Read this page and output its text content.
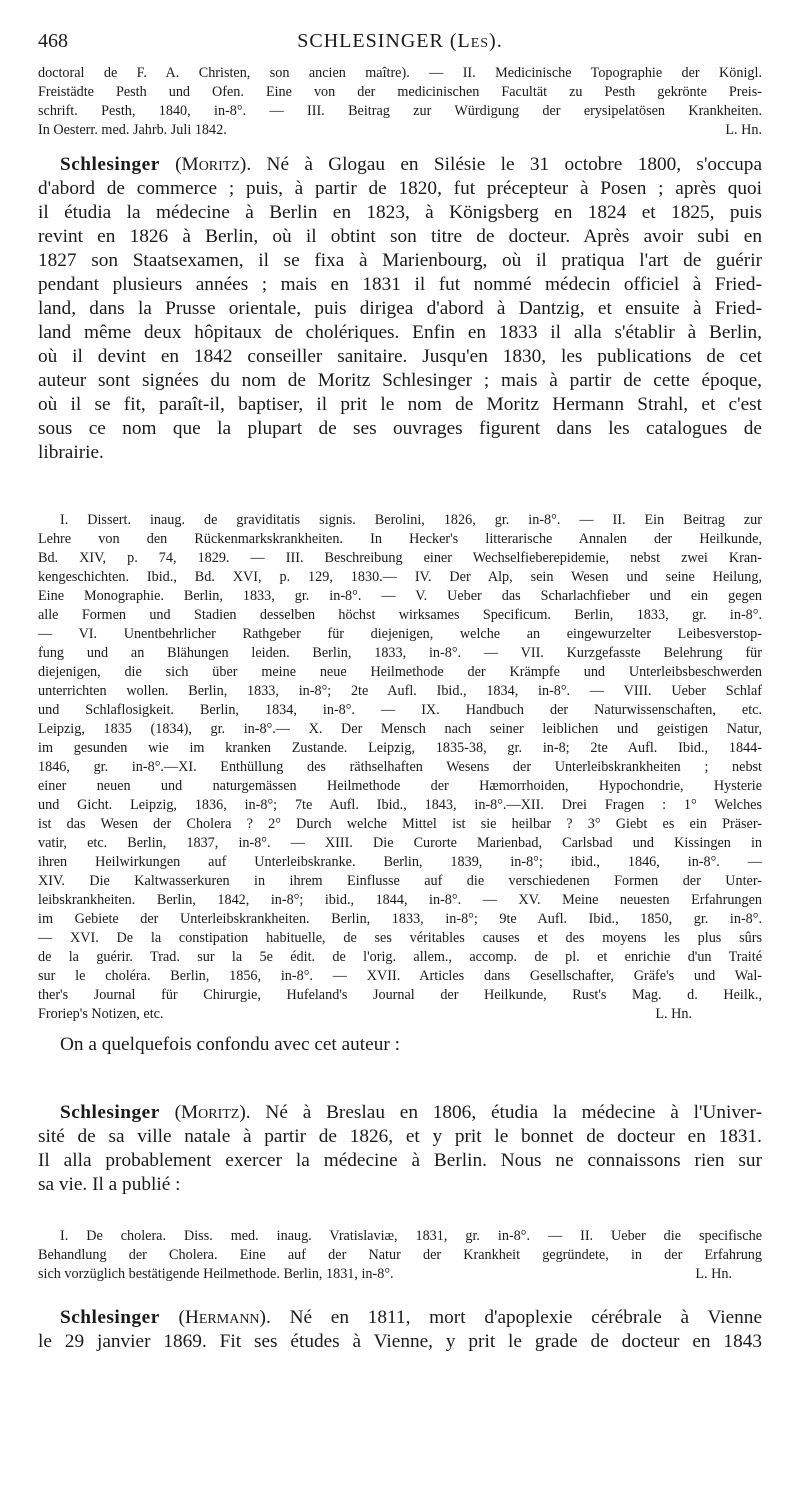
468	SCHLESINGER (Les).
doctoral de F. A. Christen, son ancien maître). — II. Medicinische Topographie der Königl.
Freistädte Pesth und Ofen. Eine von der medicinischen Facultät zu Pesth gekrönte Preis-
schrift. Pesth, 1840, in-8°. — III. Beitrag zur Würdigung der erysipelatösen Krankheiten.
In Oesterr. med. Jahrb. Juli 1842.	L. Hn.
Schlesinger (Moritz). Né à Glogau en Silésie le 31 octobre 1800, s'occupa
d'abord de commerce ; puis, à partir de 1820, fut précepteur à Posen ; après quoi
il étudia la médecine à Berlin en 1823, à Königsberg en 1824 et 1825, puis
revint en 1826 à Berlin, où il obtint son titre de docteur. Après avoir subi en
1827 son Staatsexamen, il se fixa à Marienbourg, où il pratiqua l'art de guérir
pendant plusieurs années ; mais en 1831 il fut nommé médecin officiel à Fried-
land, dans la Prusse orientale, puis dirigea d'abord à Dantzig, et ensuite à Fried-
land même deux hôpitaux de cholériques. Enfin en 1833 il alla s'établir à Berlin,
où il devint en 1842 conseiller sanitaire. Jusqu'en 1830, les publications de cet
auteur sont signées du nom de Moritz Schlesinger ; mais à partir de cette époque,
où il se fit, paraît-il, baptiser, il prit le nom de Moritz Hermann Strahl, et c'est
sous ce nom que la plupart de ses ouvrages figurent dans les catalogues de
librairie.
I. Dissert. inaug. de graviditatis signis. Berolini, 1826, gr. in-8°. — II. Ein Beitrag zur
Lehre von den Rückenmarkskrankheiten. In Hecker's litterarische Annalen der Heilkunde,
Bd. XIV, p. 74, 1829. — III. Beschreibung einer Wechselfieberepidemie, nebst zwei Kran-
kengeschichten. Ibid., Bd. XVI, p. 129, 1830.— IV. Der Alp, sein Wesen und seine Heilung,
Eine Monographie. Berlin, 1833, gr. in-8°. — V. Ueber das Scharlachfieber und ein gegen
alle Formen und Stadien desselben höchst wirksames Specificum. Berlin, 1833, gr. in-8°.
— VI. Unentbehrlicher Rathgeber für diejenigen, welche an eingewurzelter Leibesverstop-
fung und an Blähungen leiden. Berlin, 1833, in-8°. — VII. Kurzgefasste Belehrung für
diejenigen, die sich über meine neue Heilmethode der Krämpfe und Unterleibsbeschwerden
unterrichten wollen. Berlin, 1833, in-8°; 2te Aufl. Ibid., 1834, in-8°. — VIII. Ueber Schlaf
und Schlaflosigkeit. Berlin, 1834, in-8°. — IX. Handbuch der Naturwissenschaften, etc.
Leipzig, 1835 (1834), gr. in-8°.— X. Der Mensch nach seiner leiblichen und geistigen Natur,
im gesunden wie im kranken Zustande. Leipzig, 1835-38, gr. in-8; 2te Aufl. Ibid., 1844-
1846, gr. in-8°.—XI. Enthüllung des räthselhaften Wesens der Unterleibskrankheiten ; nebst
einer neuen und naturgemässen Heilmethode der Hæmorrhoiden, Hypochondrie, Hysterie
und Gicht. Leipzig, 1836, in-8°; 7te Aufl. Ibid., 1843, in-8°.—XII. Drei Fragen : 1° Welches
ist das Wesen der Cholera ? 2° Durch welche Mittel ist sie heilbar ? 3° Giebt es ein Präser-
vatir, etc. Berlin, 1837, in-8°. — XIII. Die Curorte Marienbad, Carlsbad und Kissingen in
ihren Heilwirkungen auf Unterleibskranke. Berlin, 1839, in-8°; ibid., 1846, in-8°. —
XIV. Die Kaltwasserkuren in ihrem Einflusse auf die verschiedenen Formen der Unter-
leibskrankheiten. Berlin, 1842, in-8°; ibid., 1844, in-8°. — XV. Meine neuesten Erfahrungen
im Gebiete der Unterleibskrankheiten. Berlin, 1833, in-8°; 9te Aufl. Ibid., 1850, gr. in-8°.
— XVI. De la constipation habituelle, de ses véritables causes et des moyens les plus sûrs
de la guérir. Trad. sur la 5e édit. de l'orig. allem., accomp. de pl. et enrichie d'un Traité
sur le choléra. Berlin, 1856, in-8°. — XVII. Articles dans Gesellschafter, Gräfe's und Wal-
ther's Journal für Chirurgie, Hufeland's Journal der Heilkunde, Rust's Mag. d. Heilk.,
Froriep's Notizen, etc.	L. Hn.
On a quelquefois confondu avec cet auteur :
Schlesinger (Moritz). Né à Breslau en 1806, étudia la médecine à l'Univer-
sité de sa ville natale à partir de 1826, et y prit le bonnet de docteur en 1831.
Il alla probablement exercer la médecine à Berlin. Nous ne connaissons rien sur
sa vie. Il a publié :
I. De cholera. Diss. med. inaug. Vratislaviæ, 1831, gr. in-8°. — II. Ueber die specifische
Behandlung der Cholera. Eine auf der Natur der Krankheit gegründete, in der Erfahrung
sich vorzüglich bestätigende Heilmethode. Berlin, 1831, in-8°.	L. Hn.
Schlesinger (Hermann). Né en 1811, mort d'apoplexie cérébrale à Vienne
le 29 janvier 1869. Fit ses études à Vienne, y prit le grade de docteur en 1843
